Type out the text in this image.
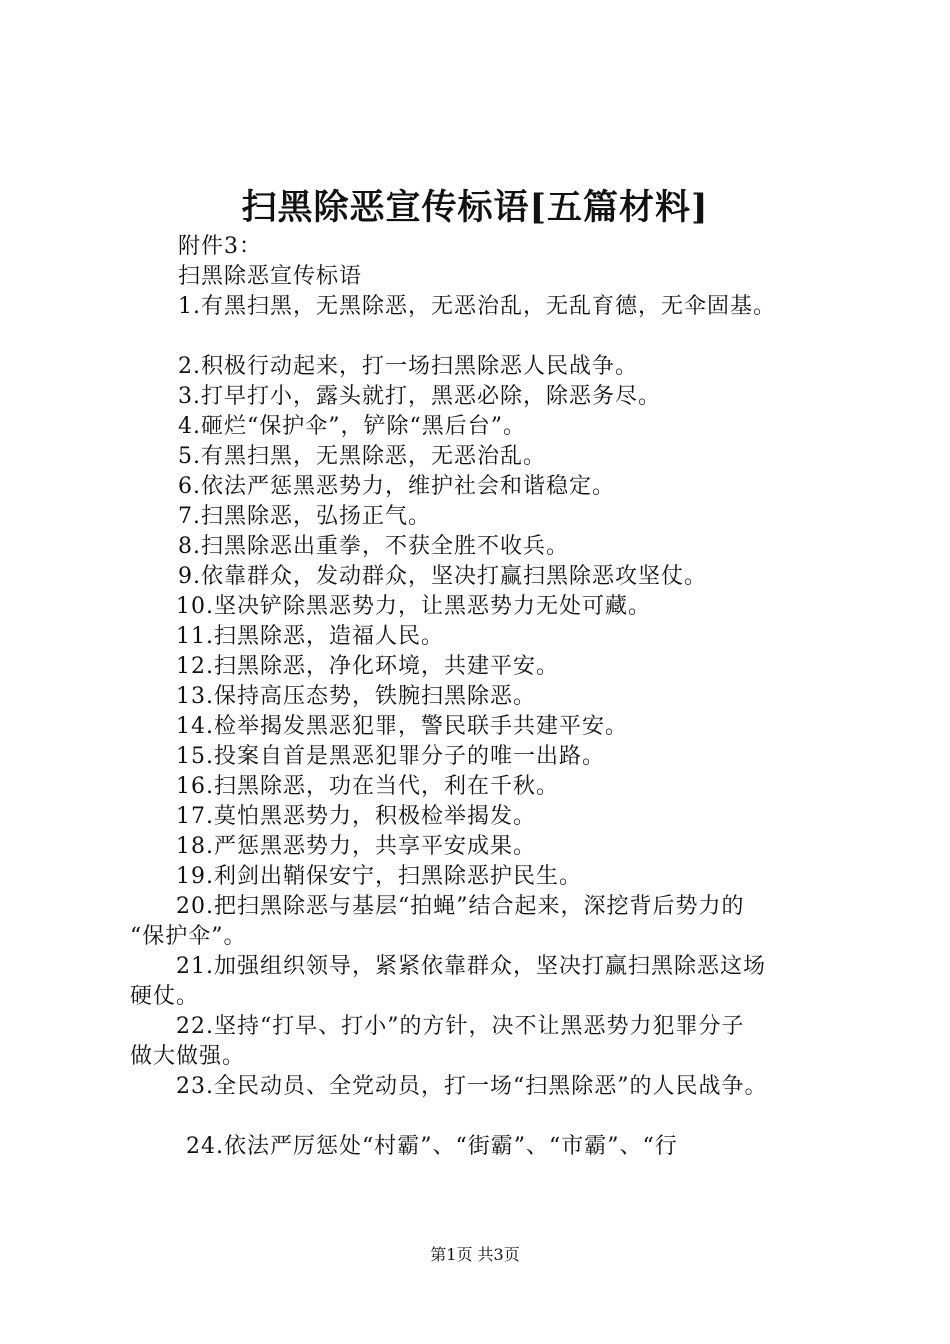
扫黑除恶宣传标语[五篇材料]
附件3：
扫黑除恶宣传标语
1.有黑扫黑，无黑除恶，无恶治乱，无乱育德，无伞固基。
2.积极行动起来，打一场扫黑除恶人民战争。
3.打早打小，露头就打，黑恶必除，除恶务尽。
4.砸烂“保护伞”，铲除“黑后台”。
5.有黑扫黑，无黑除恶，无恶治乱。
6.依法严惩黑恶势力，维护社会和谐稳定。
7.扫黑除恶，弘扬正气。
8.扫黑除恶出重拳，不获全胜不收兵。
9.依靠群众，发动群众，坚决打赢扫黑除恶攻坚仗。
10.坚决铲除黑恶势力，让黑恶势力无处可藏。
11.扫黑除恶，造福人民。
12.扫黑除恶，净化环境，共建平安。
13.保持高压态势，铁腕扫黑除恶。
14.检举揭发黑恶犯罪，警民联手共建平安。
15.投案自首是黑恶犯罪分子的唯一出路。
16.扫黑除恶，功在当代，利在千秋。
17.莫怕黑恶势力，积极检举揭发。
18.严惩黑恶势力，共享平安成果。
19.利剑出鞘保安宁，扫黑除恶护民生。
20.把扫黑除恶与基层“拍蝇”结合起来，深挖背后势力的
“保护伞”。
21.加强组织领导，紧紧依靠群众，坚决打赢扫黑除恶这场
硬仗。
22.坚持“打早、打小”的方针，决不让黑恶势力犯罪分子
做大做强。
23.全民动员、全党动员，打一场“扫黑除恶”的人民战争。
24.依法严厉惩处“村霸”、“街霸”、“市霸”、“行
第1页 共3页
